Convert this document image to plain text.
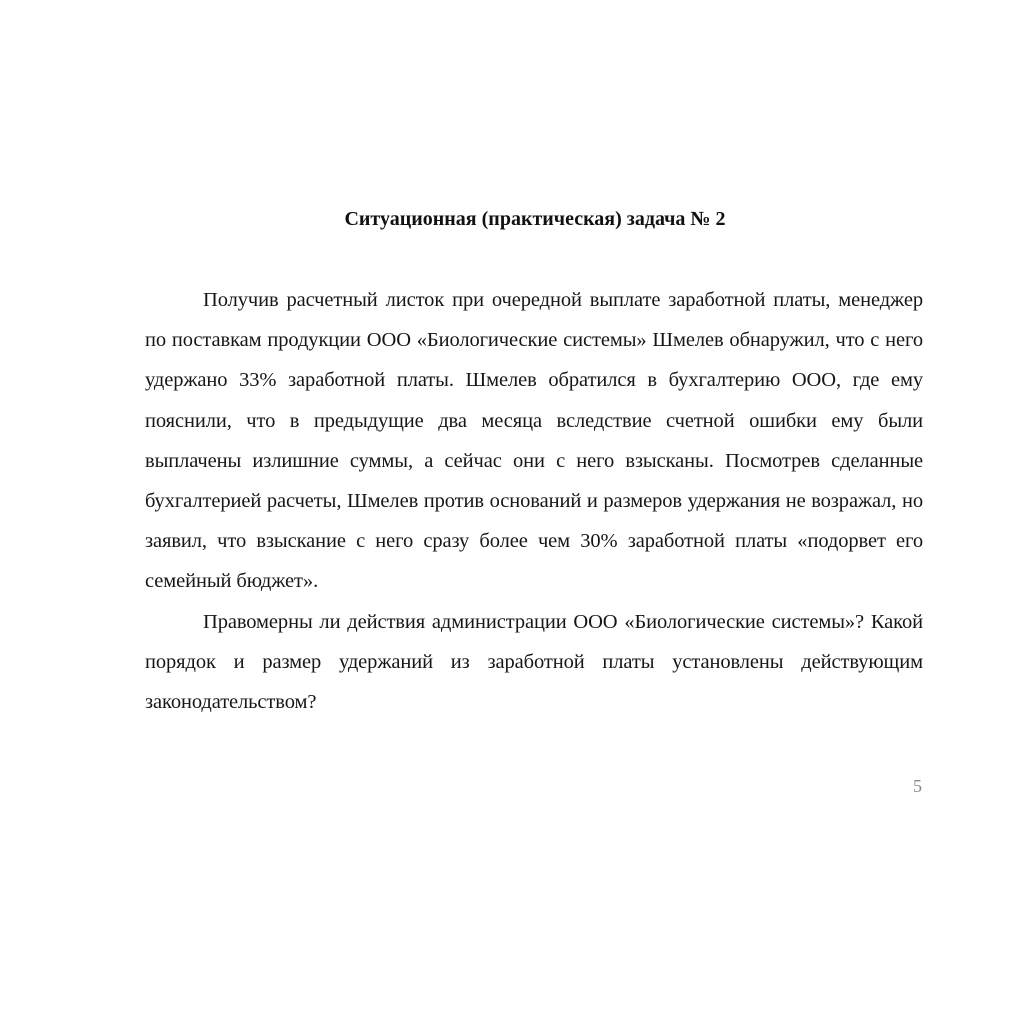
Ситуационная (практическая) задача № 2

Получив расчетный листок при очередной выплате заработной платы, менеджер по поставкам продукции ООО «Биологические системы» Шмелев обнаружил, что с него удержано 33% заработной платы. Шмелев обратился в бухгалтерию ООО, где ему пояснили, что в предыдущие два месяца вследствие счетной ошибки ему были выплачены излишние суммы, а сейчас они с него взысканы. Посмотрев сделанные бухгалтерией расчеты, Шмелев против оснований и размеров удержания не возражал, но заявил, что взыскание с него сразу более чем 30% заработной платы «подорвет его семейный бюджет».

Правомерны ли действия администрации ООО «Биологические системы»? Какой порядок и размер удержаний из заработной платы установлены действующим законодательством?

5
